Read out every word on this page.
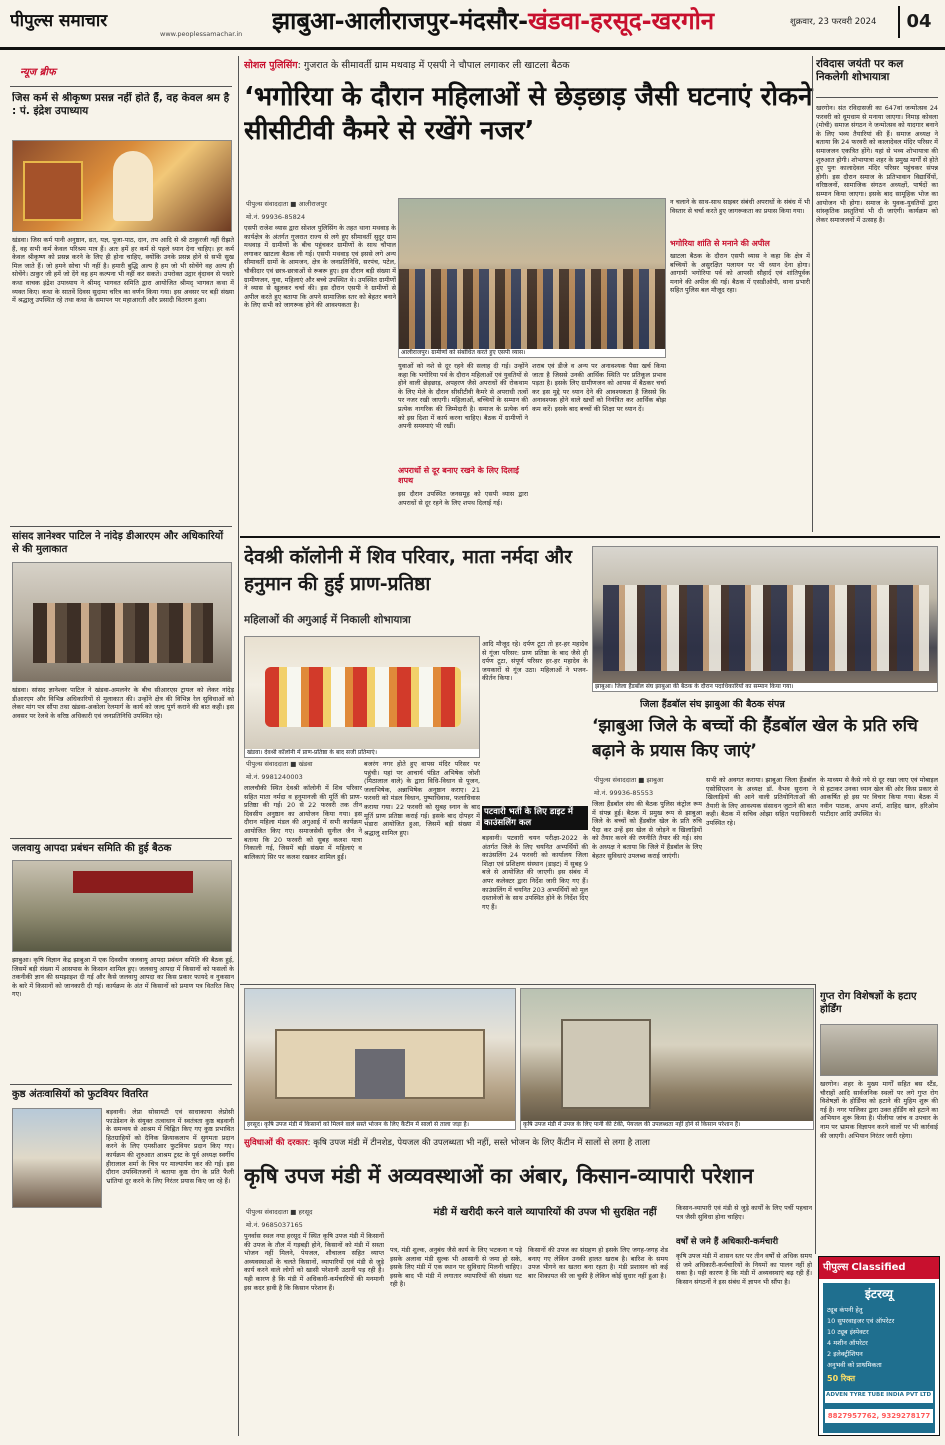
पीपुल्स समाचार
www.peoplessamachar.in	झाबुआ-आलीराजपुर-मंदसौर-खंडवा-हरसूद-खरगोन	शुक्रवार, 23 फरवरी 2024	04
न्यूज ब्रीफ
जिस कर्म से श्रीकृष्ण प्रसन्न नहीं होते हैं, वह केवल श्रम है : पं. इंद्रेश उपाध्याय
खंडवा। जिस कर्म यानी अनुष्ठान, व्रत, यज्ञ, पूजा-पाठ, दान, तप आदि से श्री ठाकुरजी नहीं रीझते हैं, वह सभी कर्म केवल परिश्रम मात्र हैं। अतः हमें हर कर्म से पहले ध्यान देना चाहिए। हर कर्म केवल श्रीकृष्ण को प्रसन्न करने के लिए ही होना चाहिए, क्योंकि उनके प्रसन्न होने से सभी सुख मिल जाते हैं। जो हमने सोचा भी नहीं है। हमारी बुद्धि अल्प है हम जो भी सोचेंगे वह अल्प ही सोचेंगे। ठाकुर जी हमें जो देंगे वह हम कल्पना भी नहीं कर सकते। उपरोक्त उद्गार वृंदावन से पधारे कथा वाचक इंद्रेश उपाध्याय ने श्रीमद् भागवत समिति द्वारा आयोजित श्रीमद् भागवत कथा में व्यक्त किए। कथा के सातवें दिवस सुदामा चरित्र का वर्णन किया गया। इस अवसर पर बड़ी संख्या में श्रद्धालु उपस्थित रहे तथा कथा के समापन पर महाआरती और प्रसादी वितरण हुआ।
सांसद ज्ञानेश्वर पाटिल ने नांदेड़ डीआरएम और अधिकारियों से की मुलाकात
खंडवा। सांसद ज्ञानेश्वर पाटिल ने खंडवा-अमलनेर के बीच सीआरएस ट्रायल को लेकर नांदेड़ डीआरएम और विभिन्न अधिकारियों से मुलाकात की। उन्होंने क्षेत्र की विभिन्न रेल सुविधाओं को लेकर मांग पत्र सौंपा तथा खंडवा-अकोला रेलमार्ग के कार्य को जल्द पूर्ण कराने की बात कही। इस अवसर पर रेलवे के वरिष्ठ अधिकारी एवं जनप्रतिनिधि उपस्थित रहे।
जलवायु आपदा प्रबंधन समिति की हुई बैठक
झाबुआ। कृषि विज्ञान केंद्र झाबुआ में एक दिवसीय जलवायु आपदा प्रबंधन समिति की बैठक हुई, जिसमें बड़ी संख्या में आसपास के किसान शामिल हुए। जलवायु आपदा में किसानों को फसलों के तकनीकी ज्ञान की समझाइश दी गई और कैसे जलवायु आपदा का किस प्रकार फायदे व नुकसान के बारे में किसानों को जानकारी दी गई। कार्यक्रम के अंत में किसानों को प्रमाण पत्र वितरित किए गए।
कुष्ठ अंतःवासियों को फुटवियर वितरित
बड़वानी। लेप्रा सोसायटी एवं साधाकाया लेप्रोसी फाउंडेशन के संयुक्त तत्वाधान में स्वतंत्रता कुष्ठ बड़वानी के समन्वय से आश्रम में चिह्नित किए गए कुष्ठ प्रभावित हितग्राहियों को दैनिक क्रियाकलाप में सुगमता प्रदान करने के लिए एमसीआर फुटवियर प्रदान किए गए। कार्यक्रम की शुरुआत आश्रम ट्रस्ट के पूर्व अध्यक्ष स्वर्गीय हीरालाल शर्मा के चित्र पर माल्यार्पण कर की गई। इस दौरान उपस्थितजनों ने बताया कुष्ठ रोग के प्रति फैली भ्रांतियां दूर करने के लिए निरंतर प्रयास किए जा रहे हैं।
सोशल पुलिसिंग: गुजरात के सीमावर्ती ग्राम मथवाड़ में एसपी ने चौपाल लगाकर ली खाटला बैठक
‘भगोरिया के दौरान महिलाओं से छेड़छाड़ जैसी घटनाएं रोकने सीसीटीवी कैमरे से रखेंगे नजर’
पीपुल्स संवाददाता ■ आलीराजपुर
मो.नं. 99936-85824
एसपी राजेश व्यास द्वारा सोशल पुलिसिंग के तहत थाना मथवाड़ के कार्यक्षेत्र के अंतर्गत गुजरात राज्य से लगे हुए सीमावर्ती सुदूर ग्राम मथवाड़ में ग्रामीणों के बीच पहुंचकर ग्रामीणों के साथ चौपाल लगाकर खाटला बैठक ली गई। एसपी मथवाड़ एवं इससे लगे अन्य सीमावर्ती ग्रामों के आमजन, क्षेत्र के जनप्रतिनिधि, सरपंच, पटेल, चौकीदार एवं छात्र-छात्राओं से रूबरू हुए। इस दौरान बड़ी संख्या में ग्रामीणजन, युवा, महिलाएं और बच्चे उपस्थित थे। उपस्थित ग्रामीणों ने व्यास से खुलकर चर्चा की। इस दौरान एसपी ने ग्रामीणों से अपील करते हुए बताया कि अपने सामाजिक स्तर को बेहतर बनाने के लिए सभी को जागरूक होने की आवश्यकता है।
आलीराजपुर। ग्रामीणों को संबोधित करते हुए एसपी व्यास।
युवाओं को नशे से दूर रहने की सलाह दी गई। उन्होंने कहा कि भगोरिया पर्व के दौरान महिलाओं एवं युवतियों से होने वाली छेड़छाड़, अपहरण जैसे अपराधों की रोकथाम के लिए मेले के दौरान सीसीटीवी कैमरे से अपराधी तत्वों पर नजर रखी जाएगी। महिलाओं, बच्चियों के सम्मान की प्रत्येक नागरिक की जिम्मेदारी है। समाज के प्रत्येक वर्ग को इस दिशा में कार्य करना चाहिए। बैठक में ग्रामीणों ने अपनी समस्याएं भी रखीं।
अपराधों से दूर बनाए रखने के लिए दिलाई शपथ
इस दौरान उपस्थित जनसमूह को एसपी व्यास द्वारा अपराधों से दूर रहने के लिए शपथ दिलाई गई।
शराब एवं डीजे व अन्य पर अनावश्यक पैसा खर्च किया जाता है जिससे उनकी आर्थिक स्थिति पर प्रतिकूल प्रभाव पड़ता है। इसके लिए ग्रामीणजन को आपस में बैठकर चर्चा कर इस मुद्दे पर ध्यान देने की आवश्यकता है जिससे कि अनावश्यक होने वाले खर्चों को नियंत्रित कर आर्थिक बोझ कम करें। इसके बाद बच्चों की शिक्षा पर ध्यान दें।
न चलाने के साथ-साथ साइबर संबंधी अपराधों के संबंध में भी विस्तार से चर्चा करते हुए जागरूकता का प्रयास किया गया।
भगोरिया शांति से मनाने की अपील
खाटला बैठक के दौरान एसपी व्यास ने कहा कि क्षेत्र में बच्चियों के असुरक्षित पलायन पर भी ध्यान देना होगा। आगामी भगोरिया पर्व को आपसी सौहार्द एवं शांतिपूर्वक मनाने की अपील की गई। बैठक में एसडीओपी, थाना प्रभारी सहित पुलिस बल मौजूद रहा।
रविदास जयंती पर कल निकलेगी शोभायात्रा
खरगोन। संत रविदासजी का 647वां जन्मोत्सव 24 फरवरी को धूमधाम से मनाया जाएगा। निमाड़ कोवला (मोची) समाज संगठन ने जन्मोत्सव को यादगार बनाने के लिए भव्य तैयारियां की हैं। समाज अध्यक्ष ने बताया कि 24 फरवरी को कालादेवल मंदिर परिसर में समाजजन एकत्रित होंगे। यहां से भव्य शोभायात्रा की शुरुआत होगी। शोभायात्रा शहर के प्रमुख मार्गों से होते हुए पुनः कालादेवल मंदिर परिसर पहुंचकर संपन्न होगी। इस दौरान समाज के प्रतिभावान विद्यार्थियों, वरिष्ठजनों, सामाजिक संगठन अध्यक्षों, पार्षदों का सम्मान किया जाएगा। इसके बाद सामूहिक भोज का आयोजन भी होगा। समाज के युवक-युवतियों द्वारा सांस्कृतिक प्रस्तुतियां भी दी जाएंगी। कार्यक्रम को लेकर समाजजनों में उत्साह है।
देवश्री कॉलोनी में शिव परिवार, माता नर्मदा और हनुमान की हुई प्राण-प्रतिष्ठा
महिलाओं की अगुआई में निकाली शोभायात्रा
खंडवा। देवश्री कॉलोनी में प्राण-प्रतिष्ठा के बाद सजी प्रतिमाएं।
पीपुल्स संवाददाता ■ खंडवा
मो.नं. 9981240003
लालचौकी स्थित देवश्री कॉलोनी में शिव परिवार सहित माता नर्मदा व हनुमानजी की मूर्ति की प्राण-प्रतिष्ठा की गई। 20 से 22 फरवरी तक तीन दिवसीय अनुष्ठान का आयोजन किया गया। इस दौरान महिला मंडल की अगुआई में सभी कार्यक्रम आयोजित किए गए। समाजसेवी सुनील जैन ने बताया कि 20 फरवरी को सुबह कलश यात्रा निकाली गई, जिसमें बड़ी संख्या में महिलाएं व बालिकाएं सिर पर कलश रखकर शामिल हुईं।
बजरंग नगर होते हुए वापस मंदिर परिसर पर पहुंची। यहां पर आचार्य पंडित अभिषेक जोशी (मिठालाल वाले) के द्वारा विधि-विधान से पूजन, जलाभिषेक, अन्नाभिषेक अनुष्ठान कराए। 21 फरवरी को मंडल विधान, पुष्पाधिवास, फलाधिवास कराया गया। 22 फरवरी को सुबह स्नान के बाद मूर्ति प्राण प्रतिष्ठा कराई गई। इसके बाद दोपहर में भंडारा आयोजित हुआ, जिसमें बड़ी संख्या में श्रद्धालु शामिल हुए।
आदि मौजूद रहे। दर्पण टूटा तो हर-हर महादेव से गूंजा परिसर: प्राण प्रतिष्ठा के बाद जैसे ही दर्पण टूटा, संपूर्ण परिसर हर-हर महादेव के जयकारों से गूंज उठा। महिलाओं ने भजन-कीर्तन किया।
पटवारी भर्ती के लिए डाइट में काउंसलिंग कल
बड़वानी। पटवारी चयन परीक्षा-2022 के अंतर्गत जिले के लिए चयनित अभ्यर्थियों की काउंसलिंग 24 फरवरी को कार्यालय जिला शिक्षा एवं प्रशिक्षण संस्थान (डाइट) में सुबह 9 बजे से आयोजित की जाएगी। इस संबंध में अपर कलेक्टर द्वारा निर्देश जारी किए गए हैं। काउंसलिंग में चयनित 203 अभ्यर्थियों को मूल दस्तावेजों के साथ उपस्थित होने के निर्देश दिए गए हैं।
झाबुआ। जिला हैंडबॉल संघ झाबुआ की बैठक के दौरान पदाधिकारियों का सम्मान किया गया।
जिला हैंडबॉल संघ झाबुआ की बैठक संपन्न
‘झाबुआ जिले के बच्चों की हैंडबॉल खेल के प्रति रुचि बढ़ाने के प्रयास किए जाएं’
पीपुल्स संवाददाता ■ झाबुआ
मो.नं. 99936-85553
जिला हैंडबॉल संघ की बैठक पुलिस कंट्रोल रूम में संपन्न हुई। बैठक में प्रमुख रूप से झाबुआ जिले के बच्चों को हैंडबॉल खेल के प्रति रुचि पैदा कर उन्हें इस खेल से जोड़ने व खिलाड़ियों को तैयार करने की रणनीति तैयार की गई। संघ के अध्यक्ष ने बताया कि जिले में हैंडबॉल के लिए बेहतर सुविधाएं उपलब्ध कराई जाएंगी।
सभी को अवगत कराया। झाबुआ जिला हैंडबॉल एसोसिएशन के अध्यक्ष डॉ. वैभव सुराना ने खिलाड़ियों की आने वाली प्रतियोगिताओं की तैयारी के लिए आवश्यक संसाधन जुटाने की बात कही। बैठक में सचिव ओझा सहित पदाधिकारी उपस्थित रहे।
के माध्यम से कैसे नये से दूर रखा जाए एवं मोबाइल से हटाकर उनका ध्यान खेल की ओर किस प्रकार से आकर्षित हो इस पर विचार किया गया। बैठक में नवीन पाठक, अभय शर्मा, शाहिद खान, हरिओम पाटीदार आदि उपस्थित थे।
हरसूद। कृषि उपज मंडी में किसानों को मिलने वाले सस्ते भोजन के लिए कैंटीन में सालों से ताला जड़ा है।	कृषि उपज मंडी में उपज के लिए पानी की टंकी, पेयजल की उपलब्धता नहीं होने से किसान परेशान हैं।
गुप्त रोग विशेषज्ञों के हटाए होर्डिंग
खरगोन। शहर के मुख्य मार्गों सहित बस स्टैंड, चौराहों आदि सार्वजनिक स्थलों पर लगे गुप्त रोग विशेषज्ञों के होर्डिंग्स को हटाने की मुहिम शुरू की गई है। नगर पालिका द्वारा उक्त होर्डिंग को हटाने का अभियान शुरू किया है। पीलीया जांच व उपचार के नाम पर भ्रामक विज्ञापन करने वालों पर भी कार्रवाई की जाएगी। अभियान निरंतर जारी रहेगा।
सुविधाओं की दरकार: कृषि उपज मंडी में टीनशेड, पेयजल की उपलब्धता भी नहीं, सस्ते भोजन के लिए कैंटीन में सालों से लगा है ताला
कृषि उपज मंडी में अव्यवस्थाओं का अंबार, किसान-व्यापारी परेशान
पीपुल्स संवाददाता ■ हरसूद
मो.नं. 9685037165
मंडी में खरीदी करने वाले व्यापारियों की उपज भी सुरक्षित नहीं
पुनर्वास स्थल नया हरसूद में स्थित कृषि उपज मंडी में किसानों की उपज के तौल में गड़बड़ी होने, किसानों को मंडी में सस्ता भोजन नहीं मिलने, पेयजल, शौचालय सहित व्याप्त अव्यवस्थाओं के चलते किसानों, व्यापारियों एवं मंडी से जुड़े कार्य करने वाले लोगों को खासी परेशानी उठानी पड़ रही है। यही कारण है कि मंडी में अधिकारी-कर्मचारियों की मनमानी इस कदर हावी है कि किसान परेशान हैं।
पत्र, मंडी शुल्क, अनुबंध जैसे कार्य के लिए भटकना न पड़े इसके अलावा मंडी सुल्क भी आसानी से जमा हो सके, इसके लिए मंडी में एक स्थान पर सुविधाएं मिलनी चाहिए। इसके बाद भी मंडी में लगातार व्यापारियों की संख्या घट रही है।
किसानों की उपज का संग्रहण हो इसके लिए जगह-जगह शेड बनाए गए लेकिन उनकी हालत खराब है। बारिश के समय उपज भीगने का खतरा बना रहता है। मंडी प्रशासन को कई बार शिकायत की जा चुकी है लेकिन कोई सुधार नहीं हुआ है।
किसान-व्यापारी एवं मंडी से जुड़े कार्यों के लिए पर्ची पहचान पत्र जैसी सुविधा होना चाहिए।
वर्षों से जमे हैं अधिकारी-कर्मचारी
कृषि उपज मंडी में शासन स्तर पर तीन वर्षों से अधिक समय से जमे अधिकारी-कर्मचारियों के नियमों का पालन नहीं हो सका है। यही कारण है कि मंडी में अव्यवस्थाएं बढ़ रही हैं। किसान संगठनों ने इस संबंध में ज्ञापन भी सौंपा है।
पीपुल्स Classified
इंटरव्यू
ट्यूब कंपनी हेतु
10 सुपरवाइजर एवं ऑपरेटर
10 ट्यूब इंस्पेक्टर
4 मशीन ऑपरेटर
2 इलेक्ट्रीशियन
अनुभवी को प्राथमिकता
50 रिक्त
ADVEN TYRE TUBE INDIA PVT LTD
8827957762, 9329278177
